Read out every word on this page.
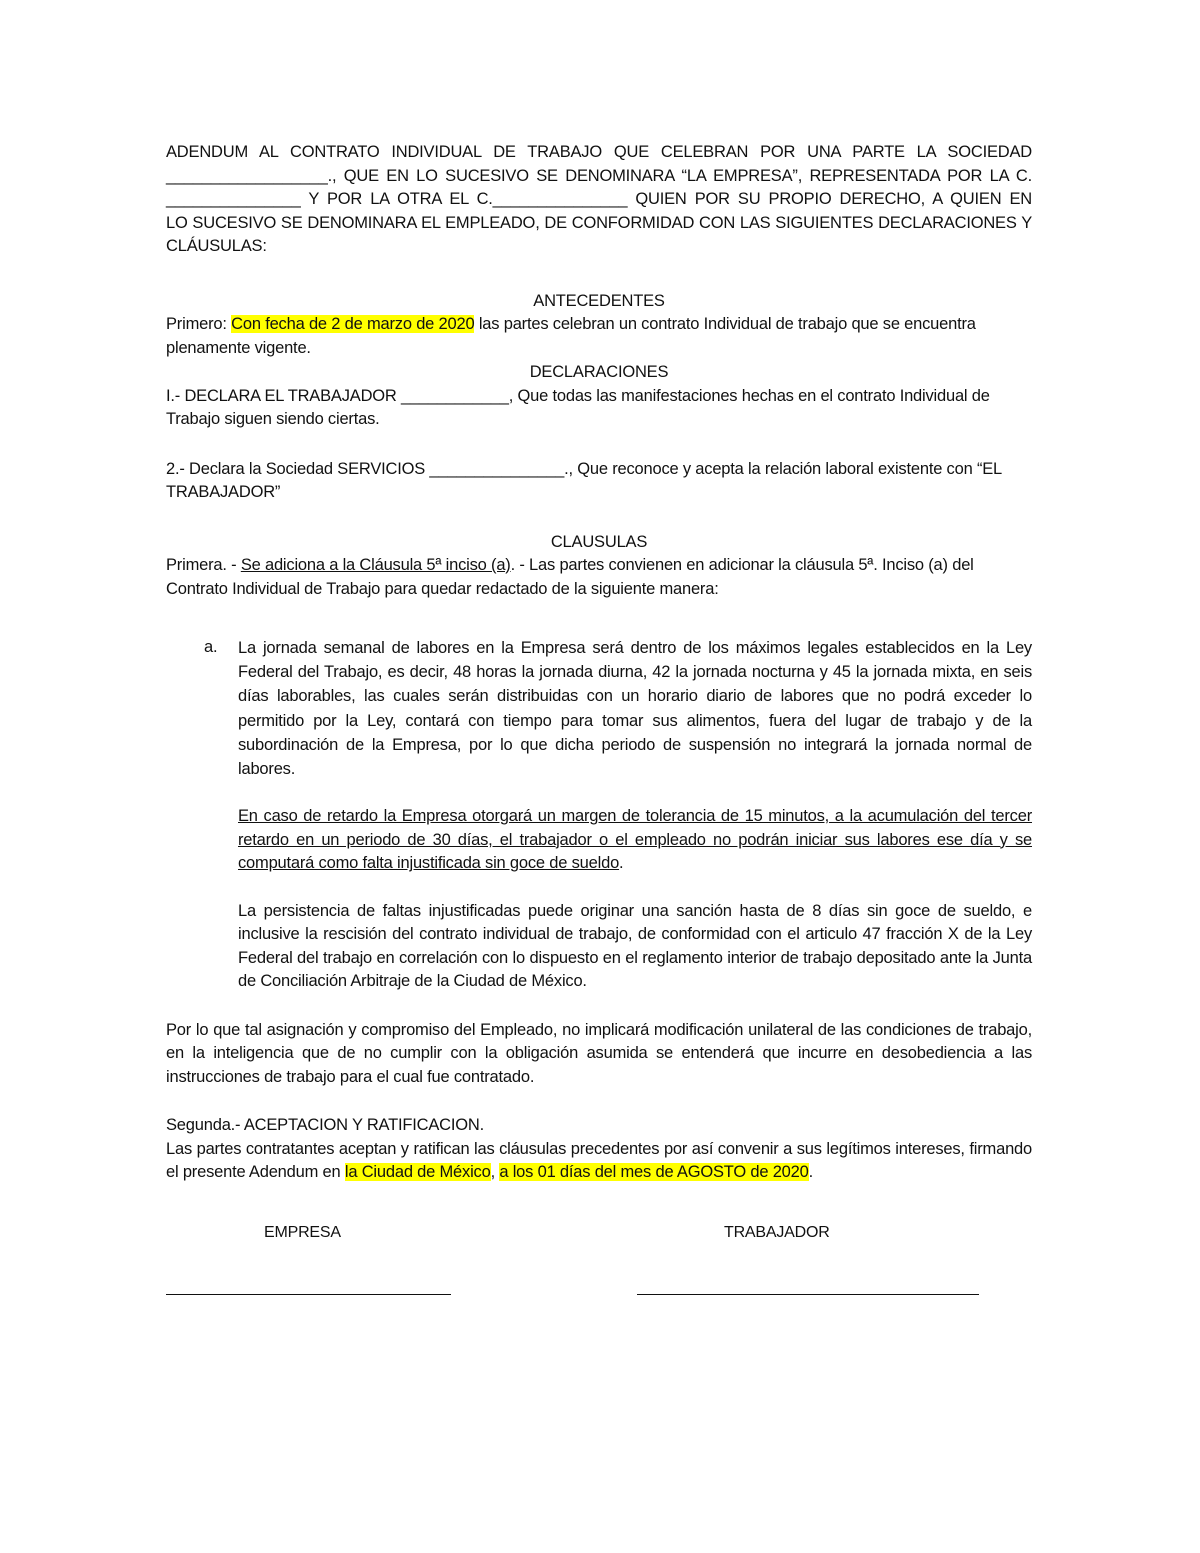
ADENDUM AL CONTRATO INDIVIDUAL DE TRABAJO QUE CELEBRAN POR UNA PARTE LA SOCIEDAD

__________________., QUE EN LO SUCESIVO SE DENOMINARA “LA EMPRESA”, REPRESENTADA POR LA C.

_______________ Y POR LA OTRA EL C._______________ QUIEN POR SU PROPIO DERECHO, A QUIEN EN

LO SUCESIVO SE DENOMINARA EL EMPLEADO, DE CONFORMIDAD CON LAS SIGUIENTES DECLARACIONES Y

CLÁUSULAS:

ANTECEDENTES

Primero: Con fecha de 2 de marzo de 2020 las partes celebran un contrato Individual de trabajo que se encuentra plenamente vigente.

DECLARACIONES

I.- DECLARA EL TRABAJADOR ____________, Que todas las manifestaciones hechas en el contrato Individual de Trabajo siguen siendo ciertas.

2.- Declara la Sociedad SERVICIOS _______________., Que reconoce y acepta la relación laboral existente con “EL TRABAJADOR”

CLAUSULAS

Primera. - Se adiciona a la Cláusula 5ª inciso (a). - Las partes convienen en adicionar la cláusula 5ª. Inciso (a) del Contrato Individual de Trabajo para quedar redactado de la siguiente manera:

a. La jornada semanal de labores en la Empresa será dentro de los máximos legales establecidos en la Ley Federal del Trabajo, es decir, 48 horas la jornada diurna, 42 la jornada nocturna y 45 la jornada mixta, en seis días laborables, las cuales serán distribuidas con un horario diario de labores que no podrá exceder lo permitido por la Ley, contará con tiempo para tomar sus alimentos, fuera del lugar de trabajo y de la subordinación de la Empresa, por lo que dicha periodo de suspensión no integrará la jornada normal de labores.

En caso de retardo la Empresa otorgará un margen de tolerancia de 15 minutos, a la acumulación del tercer retardo en un periodo de 30 días, el trabajador o el empleado no podrán iniciar sus labores ese día y se computará como falta injustificada sin goce de sueldo.

La persistencia de faltas injustificadas puede originar una sanción hasta de 8 días sin goce de sueldo, e inclusive la rescisión del contrato individual de trabajo, de conformidad con el articulo 47 fracción X de la Ley Federal del trabajo en correlación con lo dispuesto en el reglamento interior de trabajo depositado ante la Junta de Conciliación Arbitraje de la Ciudad de México.

Por lo que tal asignación y compromiso del Empleado, no implicará modificación unilateral de las condiciones de trabajo, en la inteligencia que de no cumplir con la obligación asumida se entenderá que incurre en desobediencia a las instrucciones de trabajo para el cual fue contratado.

Segunda.- ACEPTACION Y RATIFICACION.

Las partes contratantes aceptan y ratifican las cláusulas precedentes por así convenir a sus legítimos intereses, firmando el presente Adendum en la Ciudad de México, a los 01 días del mes de AGOSTO de 2020.

EMPRESA	TRABAJADOR
